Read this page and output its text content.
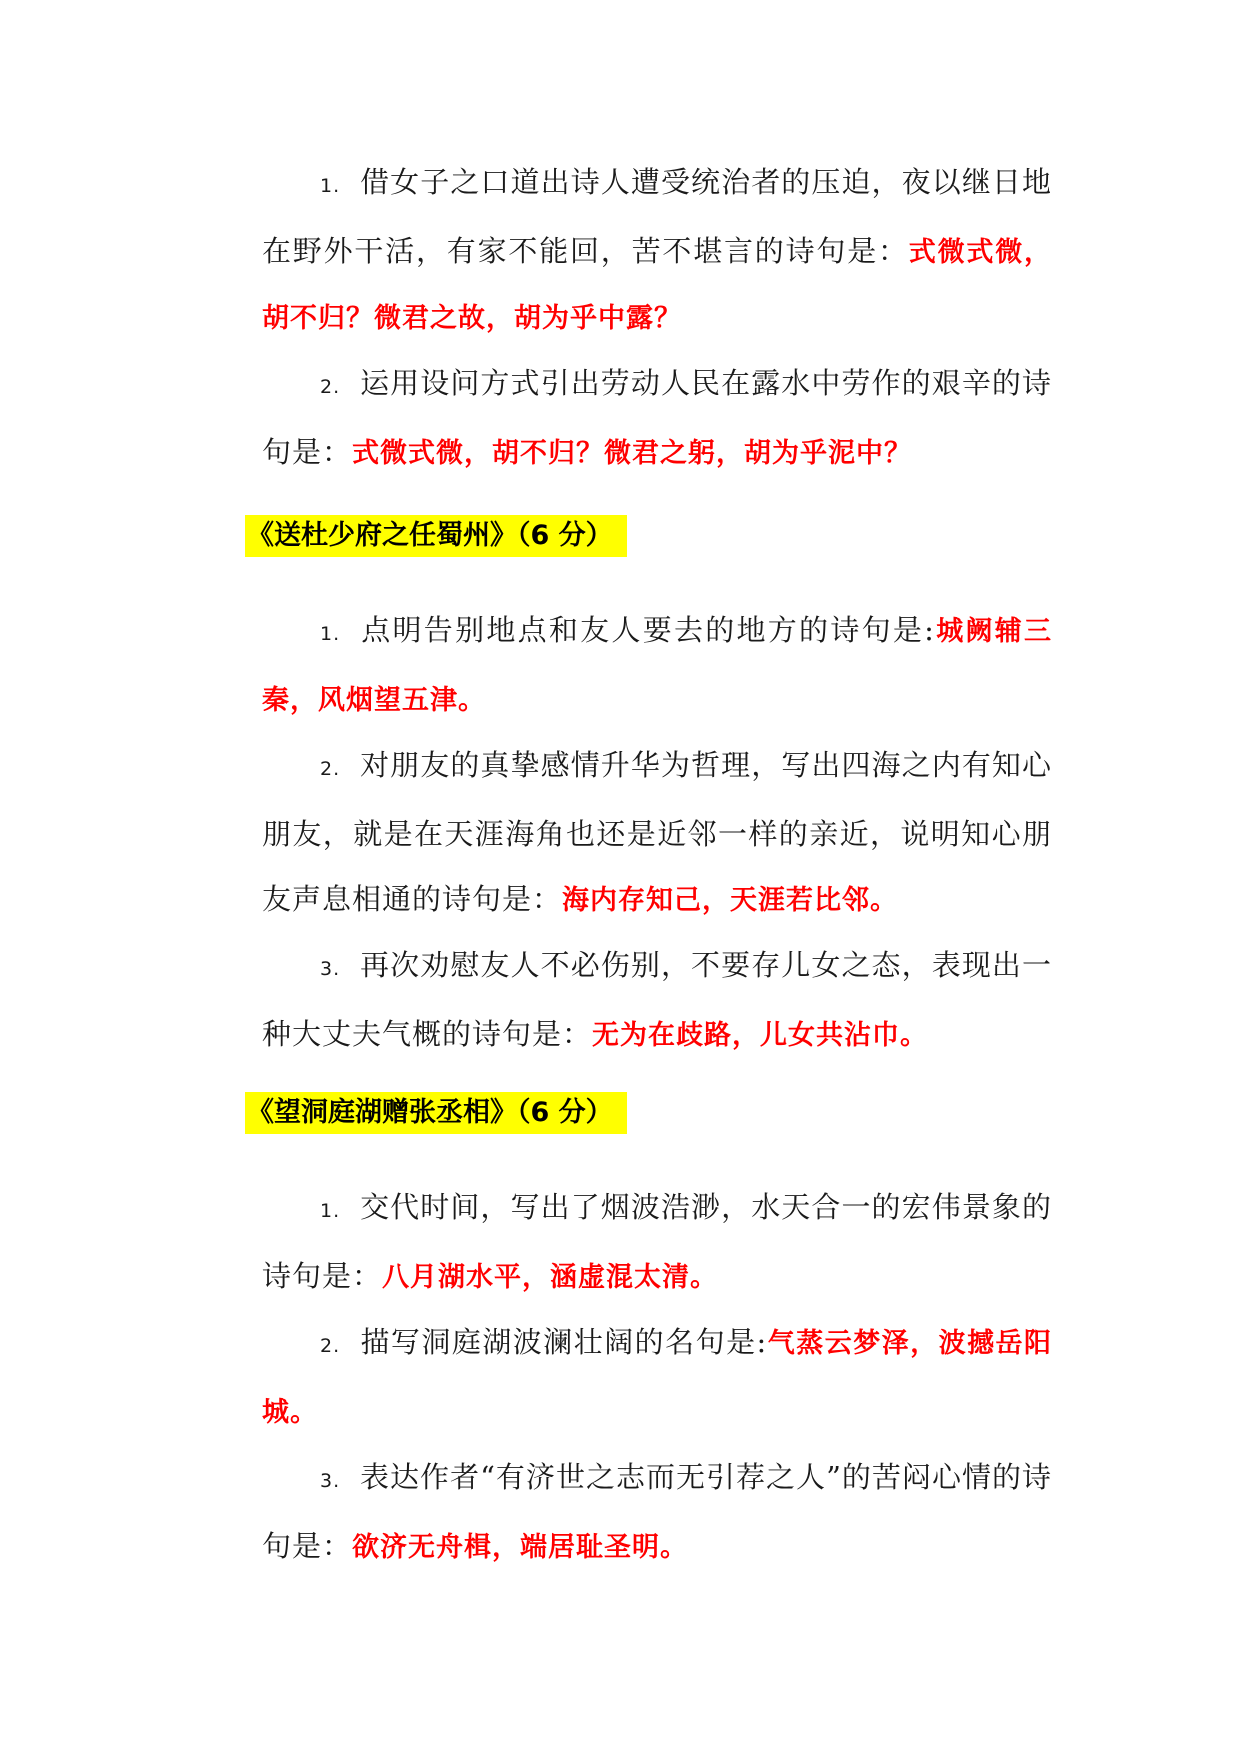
1. 借女子之口道出诗人遭受统治者的压迫，夜以继日地在野外干活，有家不能回，苦不堪言的诗句是：式微式微，胡不归？微君之故，胡为乎中露？

2. 运用设问方式引出劳动人民在露水中劳作的艰辛的诗句是：式微式微，胡不归？微君之躬，胡为乎泥中？

《送杜少府之任蜀州》（6 分）

1. 点明告别地点和友人要去的地方的诗句是:城阙辅三秦，风烟望五津。

2. 对朋友的真挚感情升华为哲理，写出四海之内有知心朋友，就是在天涯海角也还是近邻一样的亲近，说明知心朋友声息相通的诗句是：海内存知己，天涯若比邻。

3. 再次劝慰友人不必伤别，不要存儿女之态，表现出一种大丈夫气概的诗句是：无为在歧路，儿女共沾巾。

《望洞庭湖赠张丞相》（6 分）

1. 交代时间，写出了烟波浩渺，水天合一的宏伟景象的诗句是：八月湖水平，涵虚混太清。

2. 描写洞庭湖波澜壮阔的名句是:气蒸云梦泽，波撼岳阳城。

3. 表达作者“有济世之志而无引荐之人”的苦闷心情的诗句是：欲济无舟楫，端居耻圣明。
